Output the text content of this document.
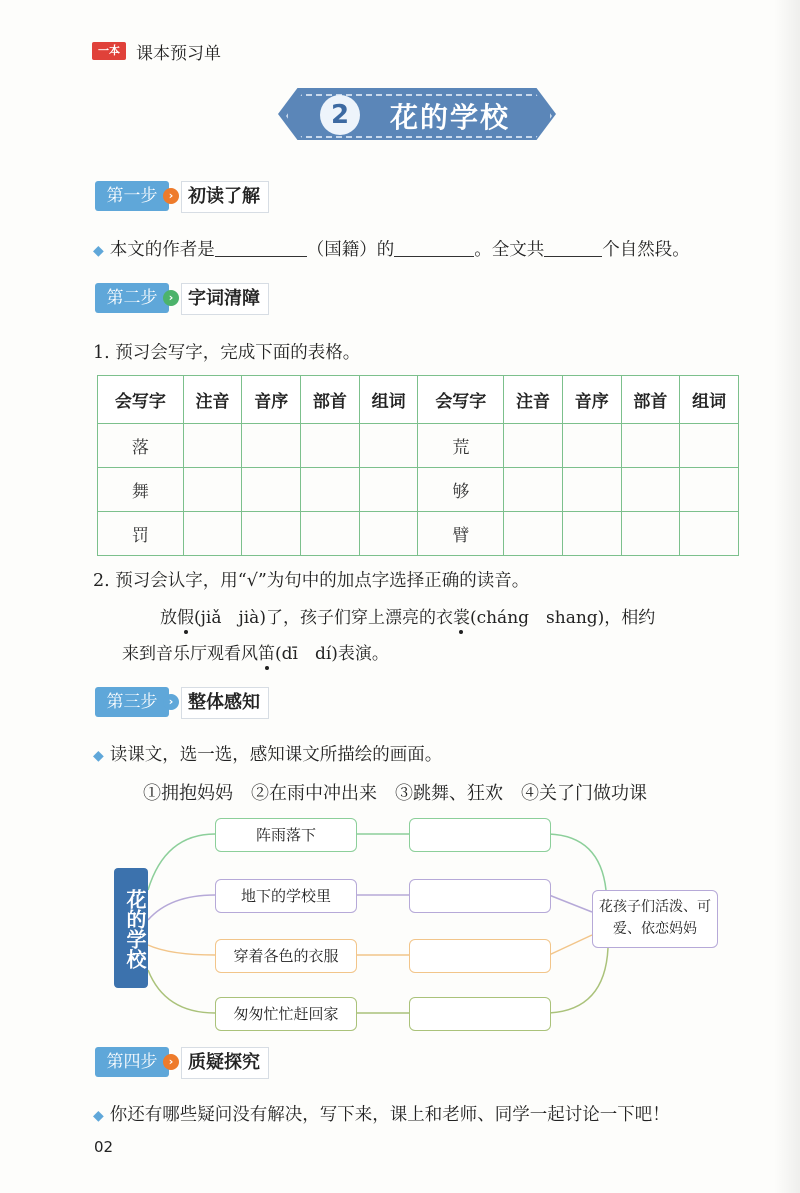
一本 课本预习单
2	花的学校
第一步	› 初读了解
◆ 本文的作者是	（国籍）的	。全文共	个自然段。
第二步	› 字词清障
1. 预习会写字，完成下面的表格。
会写字	注音	音序	部首	组词	会写字	注音	音序	部首	组词
落					荒				
舞					够				
罚					臂				
2. 预习会认字，用“√”为句中的加点字选择正确的读音。
放假(jiǎ　jià)了，孩子们穿上漂亮的衣裳(cháng　shang)，相约
来到音乐厅观看风笛(dī　dí)表演。
第三步	› 整体感知
◆ 读课文，选一选，感知课文所描绘的画面。
①拥抱妈妈　 ②在雨中冲出来　 ③跳舞、狂欢　 ④关了门做功课
花的学校
阵雨落下
地下的学校里
穿着各色的衣服
匆匆忙忙赶回家
花孩子们活泼、可爱、依恋妈妈
第四步	› 质疑探究
◆ 你还有哪些疑问没有解决，写下来，课上和老师、同学一起讨论一下吧！
02
